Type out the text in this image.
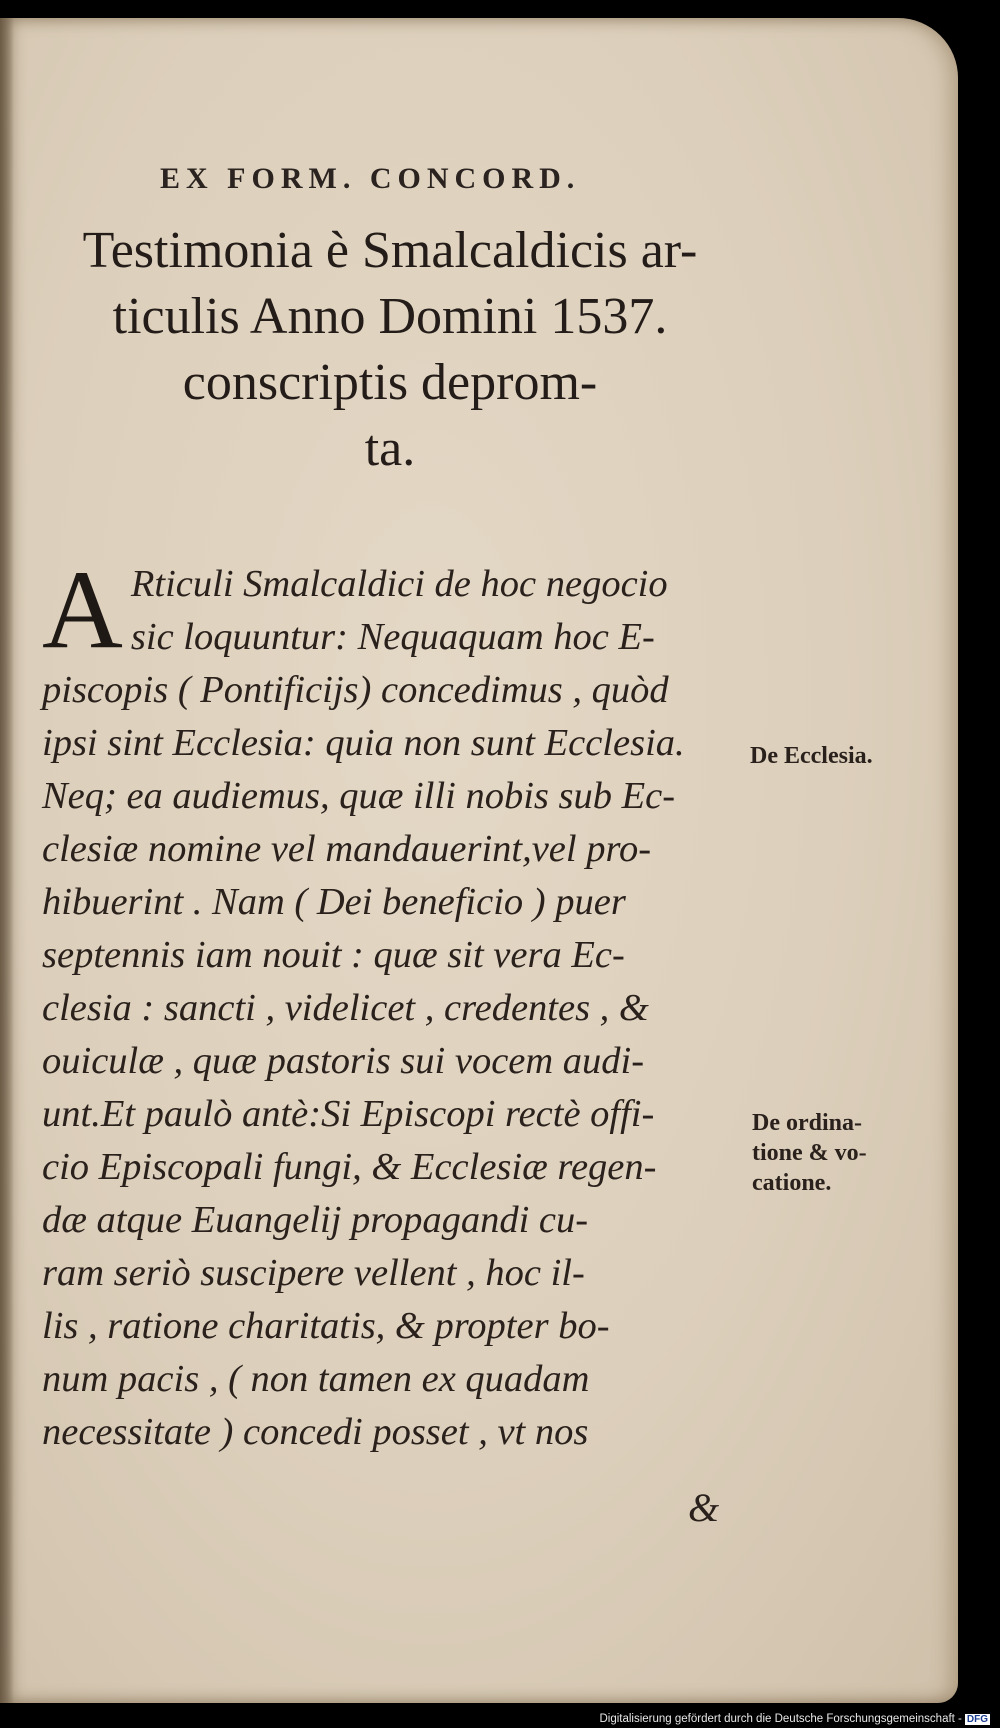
EX FORM. CONCORD.
Testimonia è Smalcaldicis ar-
ticulis Anno Domini 1537.
conscriptis deprom-
ta.
A Rticuli Smalcaldici de hoc negocio
sic loquuntur: Nequaquam hoc E-
piscopis ( Pontificijs) concedimus , quòd
ipsi sint Ecclesia: quia non sunt Ecclesia.
Neq; ea audiemus, quæ illi nobis sub Ec-
clesiæ nomine vel mandauerint,vel pro-
hibuerint . Nam ( Dei beneficio ) puer
septennis iam nouit : quæ sit vera Ec-
clesia : sancti , videlicet , credentes , &
ouiculæ , quæ pastoris sui vocem audi-
unt.Et paulò antè:Si Episcopi rectè offi-
cio Episcopali fungi, & Ecclesiæ regen-
dæ atque Euangelij propagandi cu-
ram seriò suscipere vellent , hoc il-
lis , ratione charitatis, & propter bo-
num pacis , ( non tamen ex quadam
necessitate ) concedi posset , vt nos
&
De Ecclesia.
De ordina-
tione & vo-
catione.
Digitalisierung gefördert durch die Deutsche Forschungsgemeinschaft - DFG
